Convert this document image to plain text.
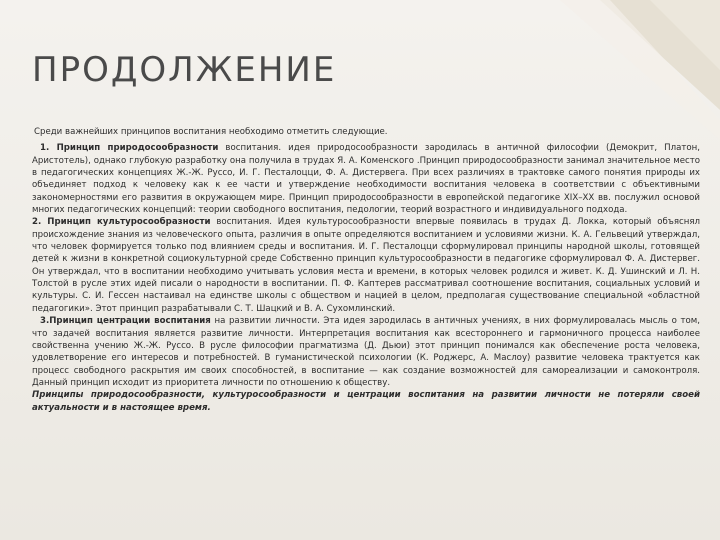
ПРОДОЛЖЕНИЕ

Среди важнейших принципов воспитания необходимо отметить следующие.

1. Принцип природосообразности воспитания. идея природосообразности зародилась в античной философии (Демокрит, Платон, Аристотель), однако глубокую разработку она получила в трудах Я. А. Коменского .Принцип природосообразности занимал значительное место в педагогических концепциях Ж.-Ж. Руссо, И. Г. Песталоцци, Ф. А. Дистервега. При всех различиях в трактовке самого понятия природы их объединяет подход к человеку как к ее части и утверждение необходимости воспитания человека в соответствии с объективными закономерностями его развития в окружающем мире. Принцип природосообразности в европейской педагогике XIX–XX вв. послужил основой многих педагогических концепций: теории свободного воспитания, педологии, теорий возрастного и индивидуального подхода.

2. Принцип культуросообразности воспитания. Идея культуросообразности впервые появилась в трудах Д. Локка, который объяснял происхождение знания из человеческого опыта, различия в опыте определяются воспитанием и условиями жизни. К. А. Гельвеций утверждал, что человек формируется только под влиянием среды и воспитания. И. Г. Песталоцци сформулировал принципы народной школы, готовящей детей к жизни в конкретной социокультурной среде Собственно принцип культуросообразности в педагогике сформулировал Ф. А. Дистервег. Он утверждал, что в воспитании необходимо учитывать условия места и времени, в которых человек родился и живет. К. Д. Ушинский и Л. Н. Толстой в русле этих идей писали о народности в воспитании. П. Ф. Каптерев рассматривал соотношение воспитания, социальных условий и культуры. С. И. Гессен настаивал на единстве школы с обществом и нацией в целом, предполагая существование специальной «областной педагогики». Этот принцип разрабатывали С. Т. Шацкий и В. А. Сухомлинский.

3.Принцип центрации воспитания на развитии личности. Эта идея зародилась в античных учениях, в них формулировалась мысль о том, что задачей воспитания является развитие личности. Интерпретация воспитания как всестороннего и гармоничного процесса наиболее свойственна учению Ж.-Ж. Руссо. В русле философии прагматизма (Д. Дьюи) этот принцип понимался как обеспечение роста человека, удовлетворение его интересов и потребностей. В гуманистической психологии (К. Роджерс, А. Маслоу) развитие человека трактуется как процесс свободного раскрытия им своих способностей, в воспитание — как создание возможностей для самореализации и самоконтроля. Данный принцип исходит из приоритета личности по отношению к обществу.

Принципы природосообразности, культуросообразности и центрации воспитания на развитии личности не потеряли своей актуальности и в настоящее время.
